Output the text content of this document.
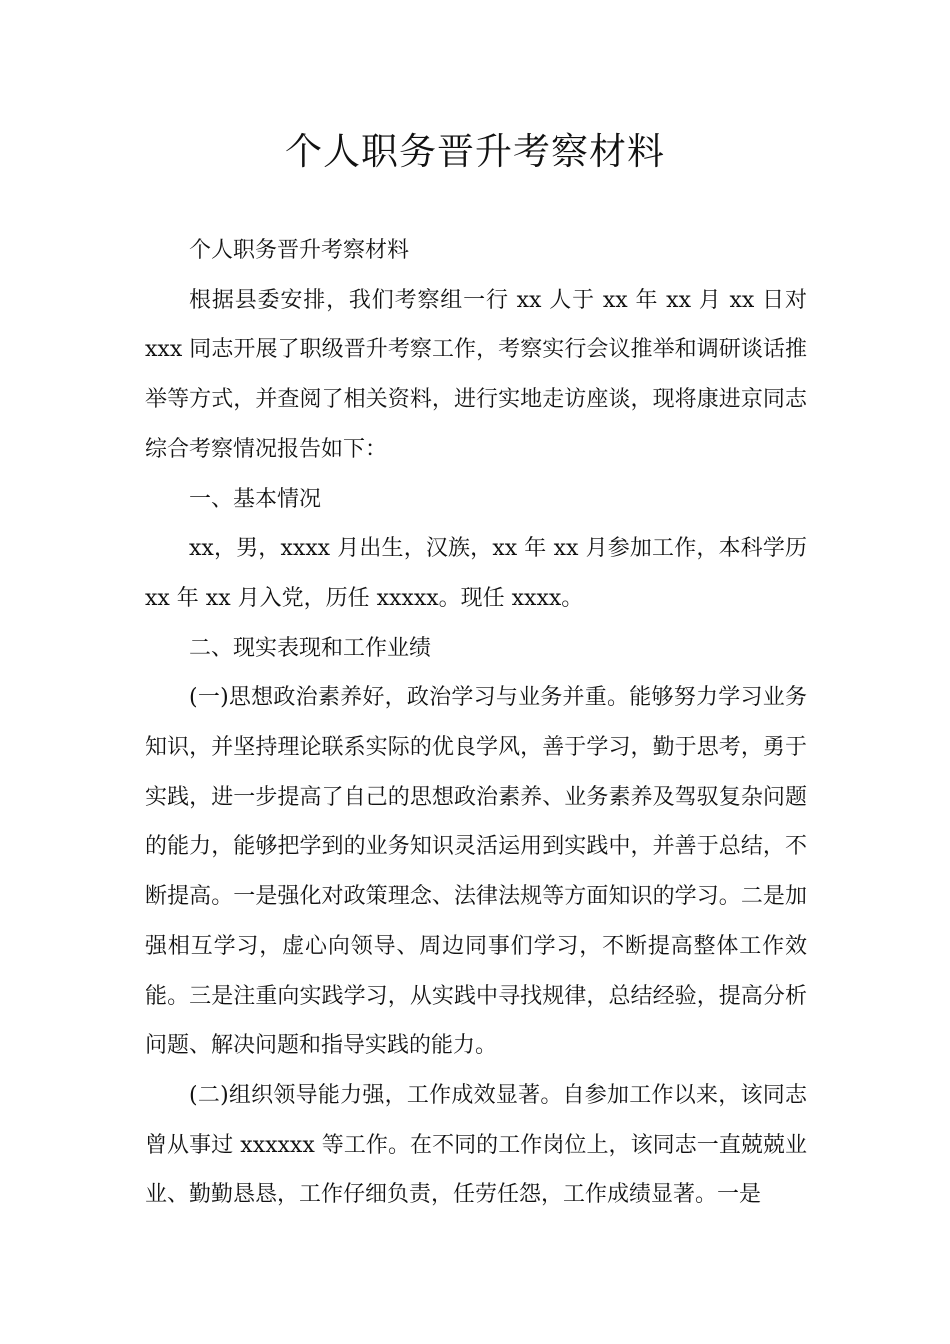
个人职务晋升考察材料

个人职务晋升考察材料

根据县委安排，我们考察组一行 xx 人于 xx 年 xx 月 xx 日对 xxx 同志开展了职级晋升考察工作，考察实行会议推举和调研谈话推举等方式，并查阅了相关资料，进行实地走访座谈，现将康进京同志综合考察情况报告如下：

一、基本情况

xx，男，xxxx 月出生，汉族，xx 年 xx 月参加工作，本科学历 xx 年 xx 月入党，历任 xxxxx。现任 xxxx。

二、现实表现和工作业绩

(一)思想政治素养好，政治学习与业务并重。能够努力学习业务知识，并坚持理论联系实际的优良学风，善于学习，勤于思考，勇于实践，进一步提高了自己的思想政治素养、业务素养及驾驭复杂问题的能力，能够把学到的业务知识灵活运用到实践中，并善于总结，不断提高。一是强化对政策理念、法律法规等方面知识的学习。二是加强相互学习，虚心向领导、周边同事们学习，不断提高整体工作效能。三是注重向实践学习，从实践中寻找规律，总结经验，提高分析问题、解决问题和指导实践的能力。

(二)组织领导能力强，工作成效显著。自参加工作以来，该同志曾从事过 xxxxxx 等工作。在不同的工作岗位上，该同志一直兢兢业业、勤勤恳恳，工作仔细负责，任劳任怨，工作成绩显著。一是
